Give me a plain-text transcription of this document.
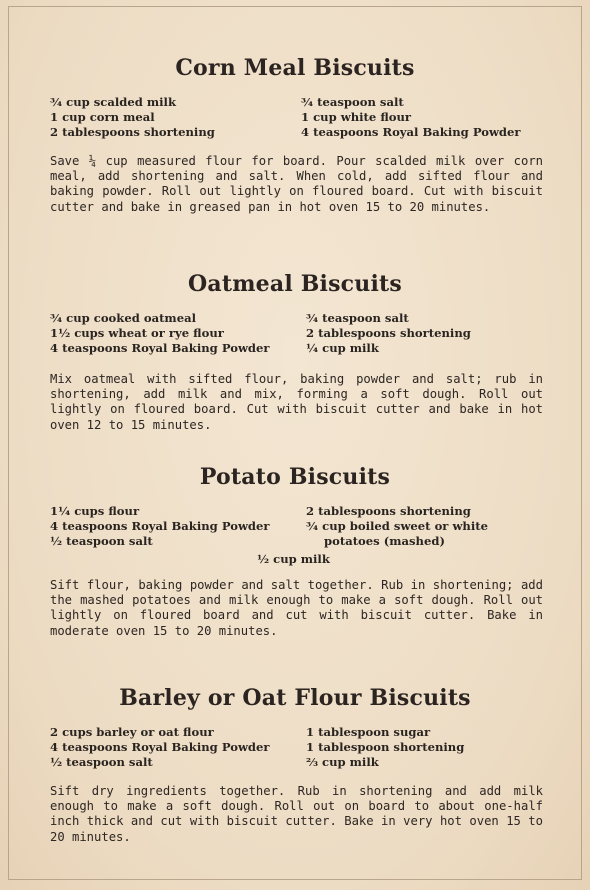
Corn Meal Biscuits
¾ cup scalded milk
1 cup corn meal
2 tablespoons shortening
¾ teaspoon salt
1 cup white flour
4 teaspoons Royal Baking Powder
Save ¼ cup measured flour for board. Pour scalded milk over corn meal, add shortening and salt. When cold, add sifted flour and baking powder. Roll out lightly on floured board. Cut with biscuit cutter and bake in greased pan in hot oven 15 to 20 minutes.
Oatmeal Biscuits
¾ cup cooked oatmeal
1½ cups wheat or rye flour
4 teaspoons Royal Baking Powder
¾ teaspoon salt
2 tablespoons shortening
¼ cup milk
Mix oatmeal with sifted flour, baking powder and salt; rub in shortening, add milk and mix, forming a soft dough. Roll out lightly on floured board. Cut with biscuit cutter and bake in hot oven 12 to 15 minutes.
Potato Biscuits
1¼ cups flour
4 teaspoons Royal Baking Powder
½ teaspoon salt
2 tablespoons shortening
¾ cup boiled sweet or white
potatoes (mashed)
½ cup milk
Sift flour, baking powder and salt together. Rub in shortening; add the mashed potatoes and milk enough to make a soft dough. Roll out lightly on floured board and cut with biscuit cutter. Bake in moderate oven 15 to 20 minutes.
Barley or Oat Flour Biscuits
2 cups barley or oat flour
4 teaspoons Royal Baking Powder
½ teaspoon salt
1 tablespoon sugar
1 tablespoon shortening
⅔ cup milk
Sift dry ingredients together. Rub in shortening and add milk enough to make a soft dough. Roll out on board to about one-half inch thick and cut with biscuit cutter. Bake in very hot oven 15 to 20 minutes.
